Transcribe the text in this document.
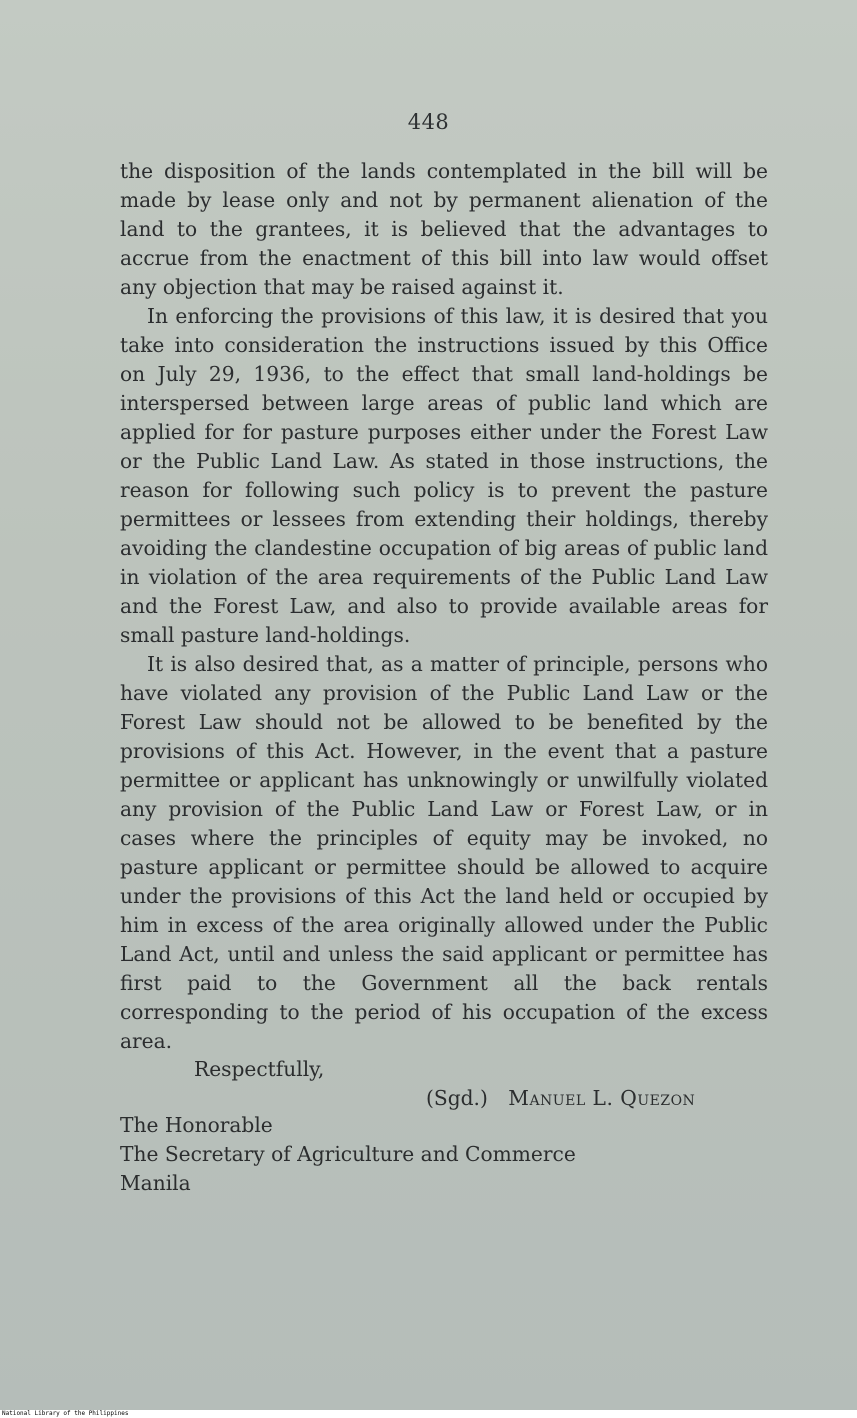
448

the disposition of the lands contemplated in the bill will be made by lease only and not by permanent alienation of the land to the grantees, it is believed that the advantages to accrue from the enactment of this bill into law would offset any objection that may be raised against it.

In enforcing the provisions of this law, it is desired that you take into consideration the instructions issued by this Office on July 29, 1936, to the effect that small land-holdings be interspersed between large areas of public land which are applied for for pasture purposes either under the Forest Law or the Public Land Law. As stated in those instructions, the reason for following such policy is to prevent the pasture permittees or lessees from extending their holdings, thereby avoiding the clandestine occupation of big areas of public land in violation of the area requirements of the Public Land Law and the Forest Law, and also to provide available areas for small pasture land-holdings.

It is also desired that, as a matter of principle, persons who have violated any provision of the Public Land Law or the Forest Law should not be allowed to be benefited by the provisions of this Act. However, in the event that a pasture permittee or applicant has unknowingly or unwilfully violated any provision of the Public Land Law or Forest Law, or in cases where the principles of equity may be invoked, no pasture applicant or permittee should be allowed to acquire under the provisions of this Act the land held or occupied by him in excess of the area originally allowed under the Public Land Act, until and unless the said applicant or permittee has first paid to the Government all the back rentals corresponding to the period of his occupation of the excess area.

Respectfully,
(Sgd.) Manuel L. Quezon
The Honorable
The Secretary of Agriculture and Commerce
Manila
National Library of the Philippines
